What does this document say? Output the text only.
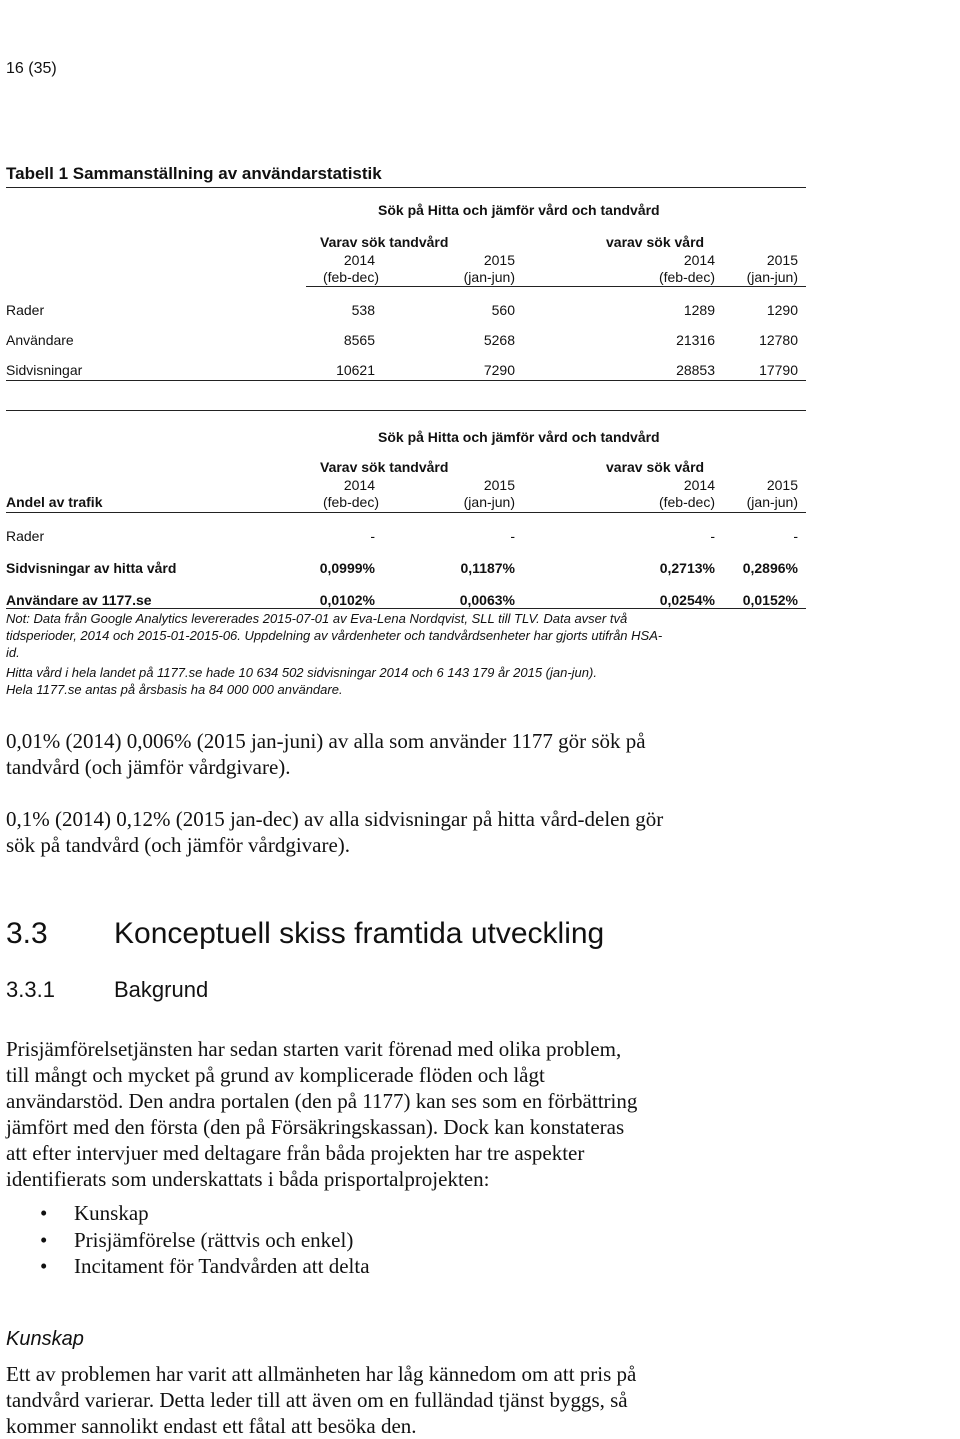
16 (35)
Tabell 1 Sammanställning av användarstatistik
Sök på Hitta och jämför vård och tandvård
Varav sök tandvård	varav sök vård
2014	2015	2014	2015
(feb-dec)	(jan-jun)	(feb-dec)	(jan-jun)
Rader	538	560	1289	1290
Användare	8565	5268	21316	12780
Sidvisningar	10621	7290	28853	17790
Sök på Hitta och jämför vård och tandvård
Varav sök tandvård	varav sök vård
2014	2015	2014	2015
Andel av trafik	(feb-dec)	(jan-jun)	(feb-dec)	(jan-jun)
Rader	-	-	-	-
Sidvisningar av hitta vård	0,0999%	0,1187%	0,2713%	0,2896%
Användare av 1177.se	0,0102%	0,0063%	0,0254%	0,0152%
Not: Data från Google Analytics levererades 2015-07-01 av Eva-Lena Nordqvist, SLL till TLV. Data avser två
tidsperioder, 2014 och 2015-01-2015-06. Uppdelning av vårdenheter och tandvårdsenheter har gjorts utifrån HSA-
id.
Hitta vård i hela landet på 1177.se hade 10 634 502 sidvisningar 2014 och 6 143 179 år 2015 (jan-jun).
Hela 1177.se antas på årsbasis ha 84 000 000 användare.
0,01% (2014) 0,006% (2015 jan-juni) av alla som använder 1177 gör sök på
tandvård (och jämför vårdgivare).
0,1% (2014) 0,12% (2015 jan-dec) av alla sidvisningar på hitta vård-delen gör
sök på tandvård (och jämför vårdgivare).
3.3 Konceptuell skiss framtida utveckling
3.3.1	Bakgrund
Prisjämförelsetjänsten har sedan starten varit förenad med olika problem,
till mångt och mycket på grund av komplicerade flöden och lågt
användarstöd. Den andra portalen (den på 1177) kan ses som en förbättring
jämfört med den första (den på Försäkringskassan). Dock kan konstateras
att efter intervjuer med deltagare från båda projekten har tre aspekter
identifierats som underskattats i båda prisportalprojekten:
• Kunskap
• Prisjämförelse (rättvis och enkel)
• Incitament för Tandvården att delta
Kunskap
Ett av problemen har varit att allmänheten har låg kännedom om att pris på
tandvård varierar. Detta leder till att även om en fulländad tjänst byggs, så
kommer sannolikt endast ett fåtal att besöka den.
